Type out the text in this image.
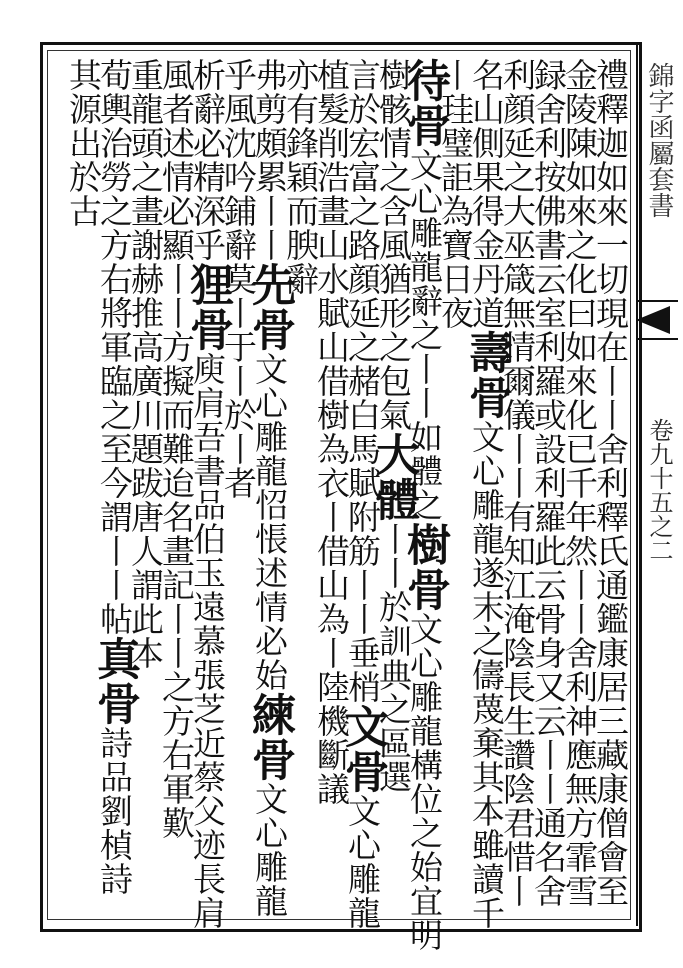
錦字函屬套書
卷九十五之二
禮釋迦如來一切現在丨丨舍利釋氏通鑑康居三藏康僧會至
金陵陳如來之化曰如來化已千年然丨丨舍利神應無方霏雪
録舍利按佛書云室利羅或設利羅此云骨身又云丨丨通名舍
利顔延之大巫箴無情爾儀丨丨有知江淹陰長生讚陰君惜丨
名山側果得金丹道壽骨文心雕龍遂末之儔蔑棄其本雖讀千
丨珪璧詎為寶日夜
待骨文心雕龍辭之丨丨如體之樹骨文心雕龍構位之始宜明
樹骸情之含風猶形之包氣大體丨丨於訓典之區選
言於宏富之路顔延之赭白馬賦附筋丨丨垂梢文骨文心雕龍
植髮削浩畫山水賦山借樹為衣丨借山為丨陸機斷議
亦有鋒穎而腴辭
弗剪頗累丨丨先骨文心雕龍怊悵述情必始練骨文心雕龍
乎風沈吟鋪辭莫丨于丨於丨者
析辭必精深乎狸骨庾肩吾書品伯玉遠慕張芝近蔡父迹長肩
風者述情必顯丨丨方擬而難迨名畫記丨丨之方右軍歎
重龍頭之畫謝赫推高廣川題跋唐人謂此本
荀輿治勞之方右將軍臨之至今謂丨丨帖真骨詩品劉楨詩
其源出於古
